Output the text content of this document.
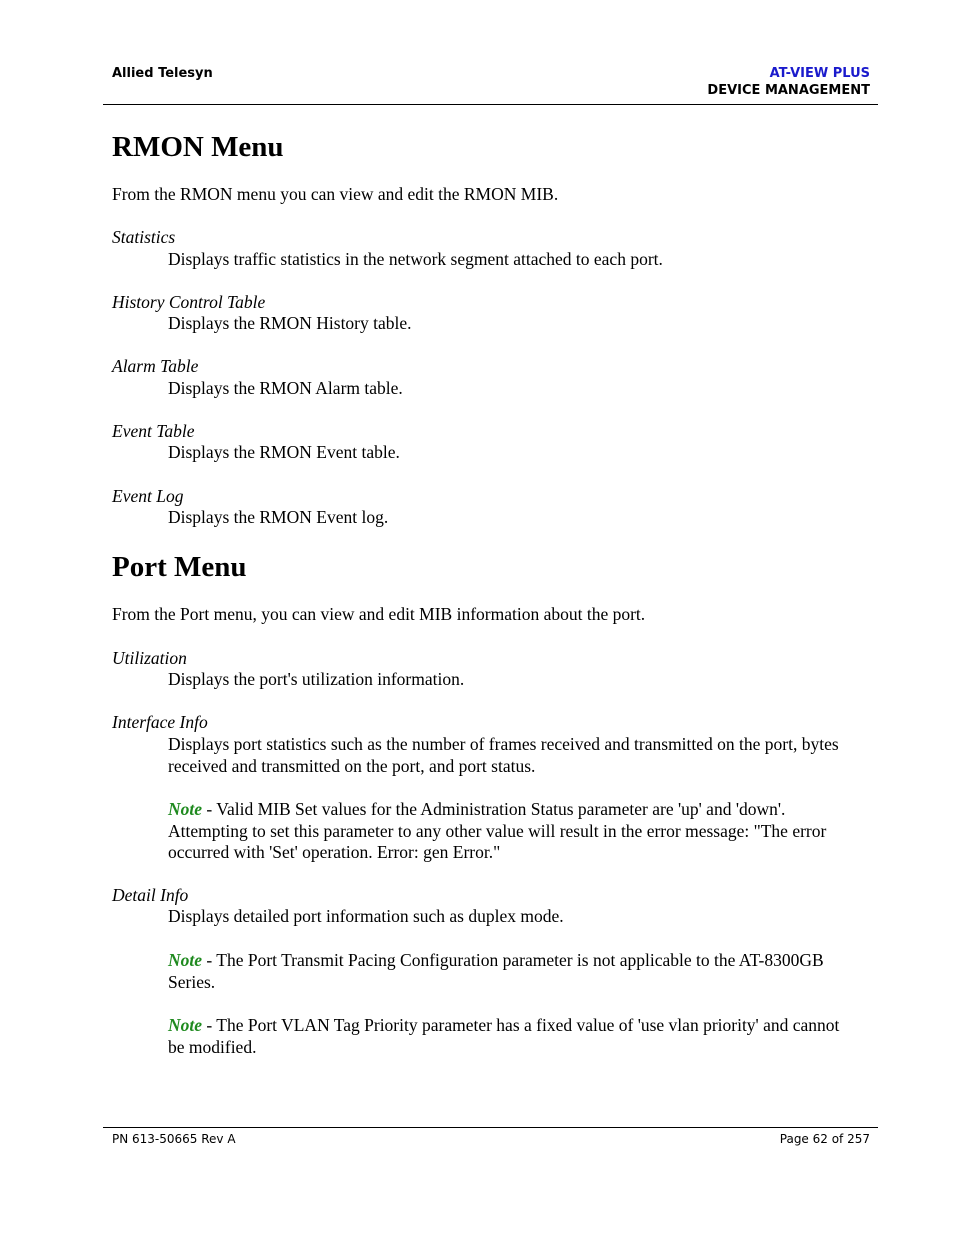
Allied Telesyn	AT-VIEW PLUS
DEVICE MANAGEMENT
RMON Menu
From the RMON menu you can view and edit the RMON MIB.
Statistics
Displays traffic statistics in the network segment attached to each port.
History Control Table
Displays the RMON History table.
Alarm Table
Displays the RMON Alarm table.
Event Table
Displays the RMON Event table.
Event Log
Displays the RMON Event log.
Port Menu
From the Port menu, you can view and edit MIB information about the port.
Utilization
Displays the port's utilization information.
Interface Info
Displays port statistics such as the number of frames received and transmitted on the port, bytes received and transmitted on the port, and port status.
Note - Valid MIB Set values for the Administration Status parameter are 'up' and 'down'. Attempting to set this parameter to any other value will result in the error message: "The error occurred with 'Set' operation. Error: gen Error."
Detail Info
Displays detailed port information such as duplex mode.
Note - The Port Transmit Pacing Configuration parameter is not applicable to the AT-8300GB Series.
Note - The Port VLAN Tag Priority parameter has a fixed value of 'use vlan priority' and cannot be modified.
PN 613-50665 Rev A	Page 62 of 257
